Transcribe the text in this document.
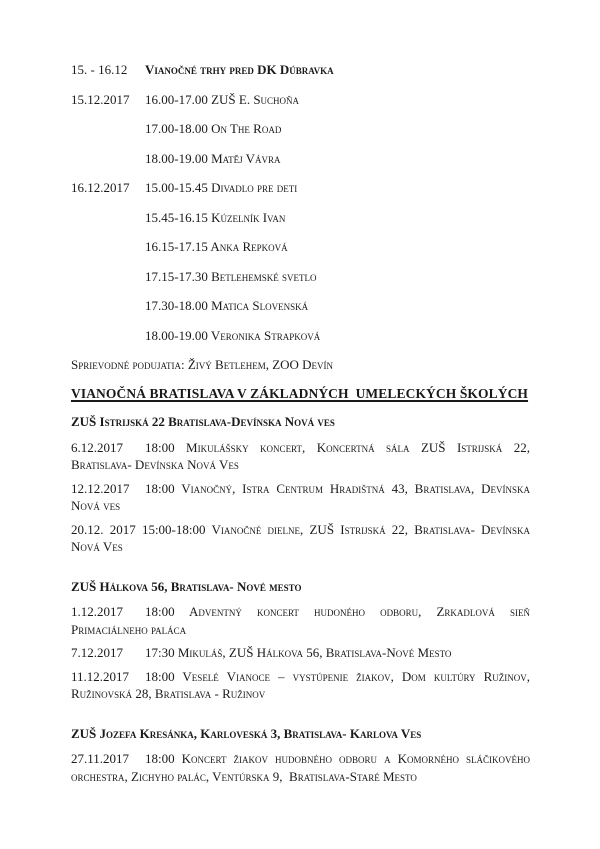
15. - 16.12	Vianočné trhy pred DK Dúbravka
15.12.2017	16.00-17.00 ZUŠ E. Suchoňa
17.00-18.00 On The Road
18.00-19.00 Matěj Vávra
16.12.2017	15.00-15.45 Divadlo pre deti
15.45-16.15 Kúzelník Ivan
16.15-17.15 Anka Repková
17.15-17.30 Betlehemské svetlo
17.30-18.00 Matica Slovenská
18.00-19.00 Veronika Strapková

Sprievodné podujatia: Živý Betlehem, ZOO Devín

VIANOČNÁ BRATISLAVA V ZÁKLADNÝCH  UMELECKÝCH ŠKOLÝCH
ZUŠ Istrijská 22 Bratislava-Devínska Nová ves

6.12.2017 18:00 Mikulášsky koncert, Koncertná sála ZUŠ Istrijská 22, Bratislava- Devínska Nová Ves

12.12.2017 18:00 Vianočný, Istra Centrum Hradištná 43, Bratislava, Devínska Nová ves

20.12. 2017 15:00-18:00 Vianočné dielne, ZUŠ Istrijská 22, Bratislava- Devínska Nová Ves

ZUŠ Hálkova 56, Bratislava- Nové mesto

1.12.2017 18:00 Adventný koncert hudoného odboru, Zrkadlová sieň Primaciálneho paláca

7.12.2017 17:30 Mikuláš, ZUŠ Hálkova 56, Bratislava-Nové Mesto

11.12.2017 18:00 Veselé Vianoce – vystúpenie žiakov, Dom kultúry Ružinov, Ružinovská 28, Bratislava - Ružinov

ZUŠ Jozefa Kresánka, Karloveská 3, Bratislava- Karlova Ves

27.11.2017 18:00 Koncert žiakov hudobného odboru a Komorného sláčikového orchestra, Zichyho palác, Ventúrska 9,  Bratislava-Staré Mesto
